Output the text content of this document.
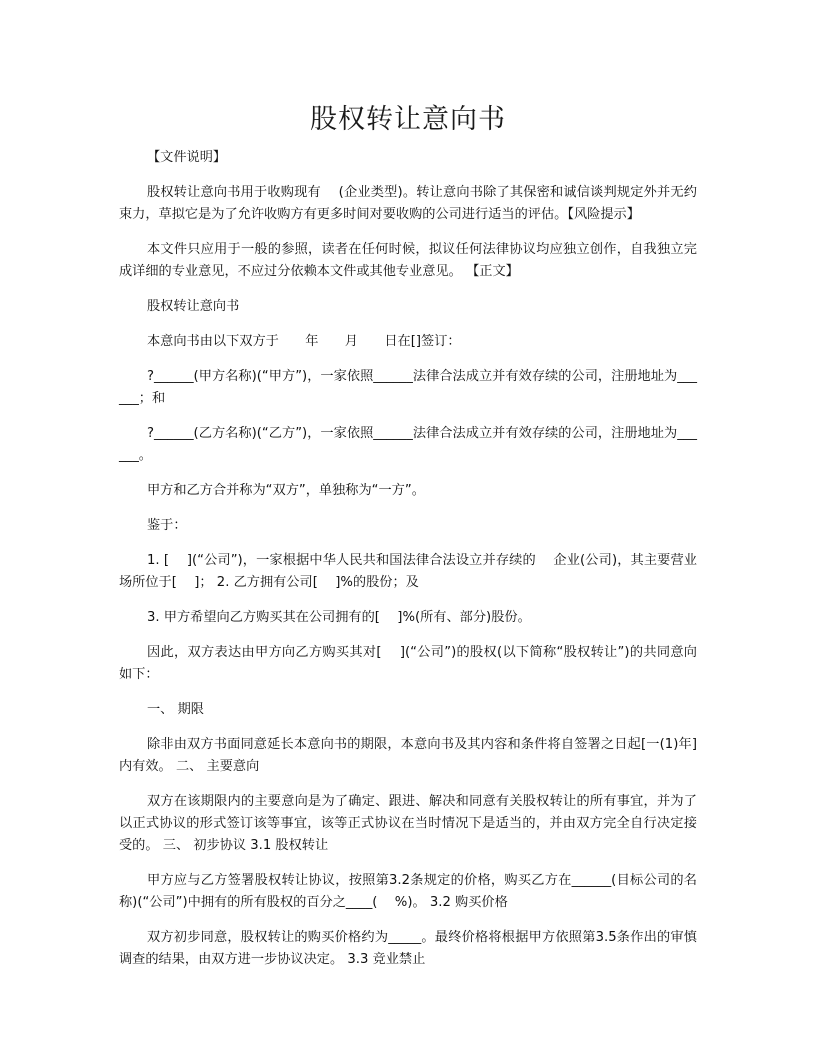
股权转让意向书

【文件说明】

股权转让意向书用于收购现有　 (企业类型)。转让意向书除了其保密和诚信谈判规定外并无约束力，草拟它是为了允许收购方有更多时间对要收购的公司进行适当的评估。【风险提示】

本文件只应用于一般的参照，读者在任何时候，拟议任何法律协议均应独立创作，自我独立完成详细的专业意见，不应过分依赖本文件或其他专业意见。 【正文】

股权转让意向书

本意向书由以下双方于　　年　　月　　日在[]签订：

?______(甲方名称)(“甲方”)，一家依照______法律合法成立并有效存续的公司，注册地址为______；和

?______(乙方名称)(“乙方”)，一家依照______法律合法成立并有效存续的公司，注册地址为______。

甲方和乙方合并称为“双方”，单独称为“一方”。

鉴于：

1. [　 ](“公司”)，一家根据中华人民共和国法律合法设立并存续的　 企业(公司)，其主要营业场所位于[　 ]； 2. 乙方拥有公司[　 ]%的股份；及

3. 甲方希望向乙方购买其在公司拥有的[　 ]%(所有、部分)股份。

因此，双方表达由甲方向乙方购买其对[　 ](“公司”)的股权(以下简称“股权转让”)的共同意向如下：

一、 期限

除非由双方书面同意延长本意向书的期限，本意向书及其内容和条件将自签署之日起[一(1)年]内有效。 二、 主要意向

双方在该期限内的主要意向是为了确定、跟进、解决和同意有关股权转让的所有事宜，并为了以正式协议的形式签订该等事宜，该等正式协议在当时情况下是适当的，并由双方完全自行决定接受的。 三、 初步协议 3.1 股权转让

甲方应与乙方签署股权转让协议，按照第3.2条规定的价格，购买乙方在______(目标公司的名称)(“公司”)中拥有的所有股权的百分之____(　 %)。 3.2 购买价格

双方初步同意，股权转让的购买价格约为_____。最终价格将根据甲方依照第3.5条作出的审慎调查的结果，由双方进一步协议决定。 3.3 竞业禁止
